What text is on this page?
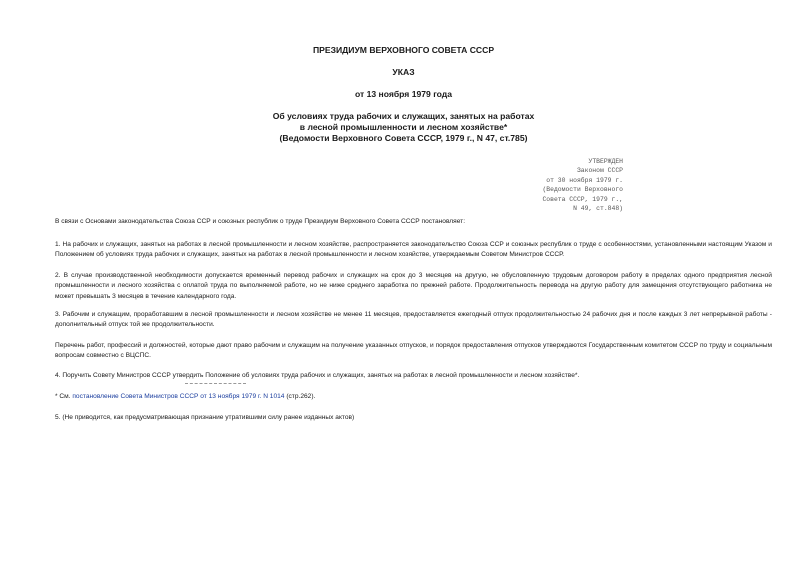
ПРЕЗИДИУМ ВЕРХОВНОГО СОВЕТА СССР
УКАЗ
от 13 ноября 1979 года
Об условиях труда рабочих и служащих, занятых на работах
в лесной промышленности и лесном хозяйстве*
(Ведомости Верховного Совета СССР, 1979 г., N 47, ст.785)
УТВЕРЖДЕН
Законом СССР
от 30 ноября 1979 г.
(Ведомости Верховного
Совета СССР, 1979 г.,
N 49, ст.848)
В связи с Основами законодательства Союза ССР и союзных республик о труде Президиум Верховного Совета СССР постановляет:
1. На рабочих и служащих, занятых на работах в лесной промышленности и лесном хозяйстве, распространяется законодательство Союза ССР и союзных республик о труде с особенностями, установленными настоящим Указом и Положением об условиях труда рабочих и служащих, занятых на работах в лесной промышленности и лесном хозяйстве, утверждаемым Советом Министров СССР.
2. В случае производственной необходимости допускается временный перевод рабочих и служащих на срок до 3 месяцев на другую, не обусловленную трудовым договором работу в пределах одного предприятия лесной промышленности и лесного хозяйства с оплатой труда по выполняемой работе, но не ниже среднего заработка по прежней работе. Продолжительность перевода на другую работу для замещения отсутствующего работника не может превышать 3 месяцев в течение календарного года.
3. Рабочим и служащим, проработавшим в лесной промышленности и лесном хозяйстве не менее 11 месяцев, предоставляется ежегодный отпуск продолжительностью 24 рабочих дня и после каждых 3 лет непрерывной работы - дополнительный отпуск той же продолжительности.
Перечень работ, профессий и должностей, которые дают право рабочим и служащим на получение указанных отпусков, и порядок предоставления отпусков утверждаются Государственным комитетом СССР по труду и социальным вопросам совместно с ВЦСПС.
4. Поручить Совету Министров СССР утвердить Положение об условиях труда рабочих и служащих, занятых на работах в лесной промышленности и лесном хозяйстве*.
* См. постановление Совета Министров СССР от 13 ноября 1979 г. N 1014 (стр.262).
5. (Не приводится, как предусматривающая признание утратившими силу ранее изданных актов)
